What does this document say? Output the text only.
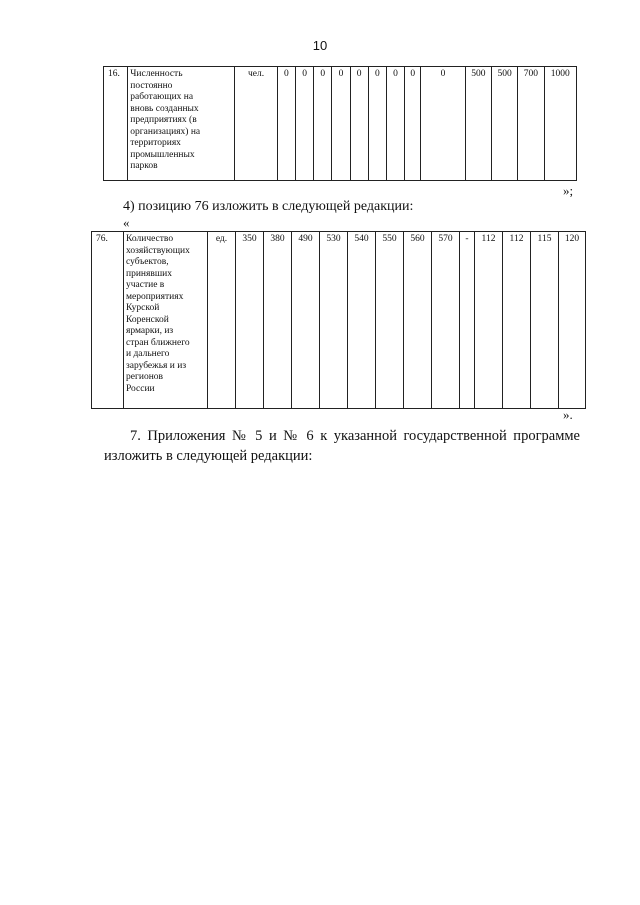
10
16.	Численность
постоянно
работающих на
вновь созданных
предприятиях (в
организациях) на
территориях
промышленных
парков	чел.	0	0	0	0	0	0	0	0	0	500	500	700	1000
»;
4) позицию 76 изложить в следующей редакции:
«
76.	Количество
хозяйствующих
субъектов,
принявших
участие в
мероприятиях
Курской
Коренской
ярмарки, из
стран ближнего
и дальнего
зарубежья и из
регионов
России	ед.	350	380	490	530	540	550	560	570	-	112	112	115	120
».
7. Приложения № 5 и № 6 к указанной государственной программе изложить в следующей редакции:
